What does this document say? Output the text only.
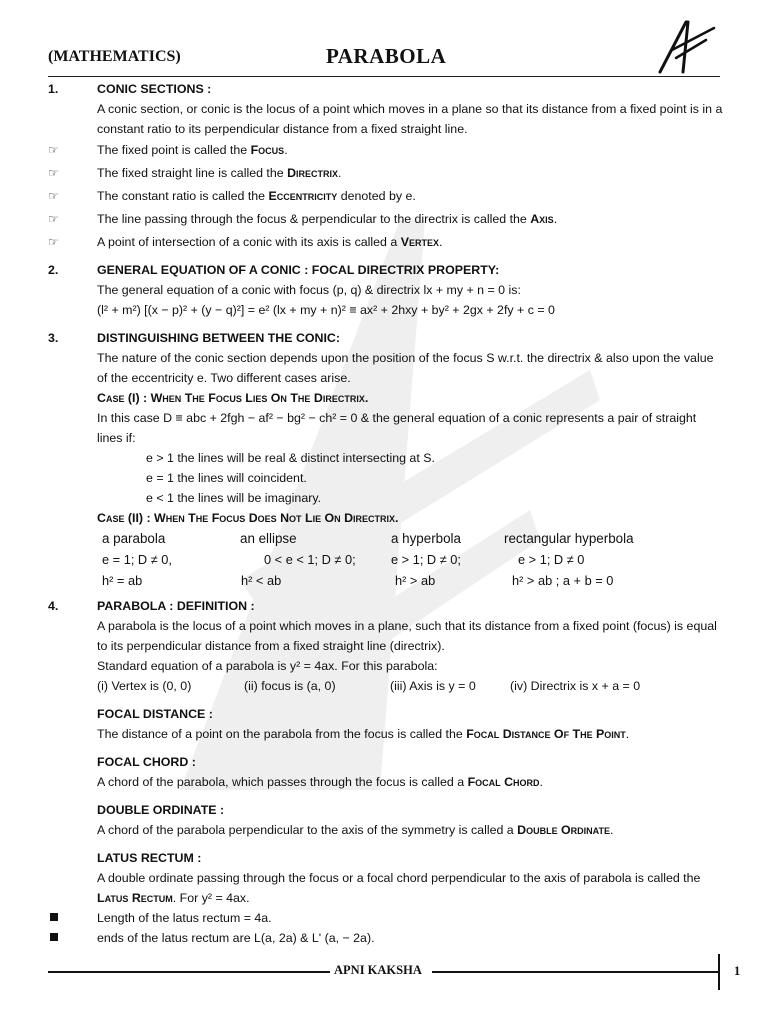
(MATHEMATICS)	PARABOLA
1.	CONIC SECTIONS :
A conic section, or conic is the locus of a point which moves in a plane so that its distance from a fixed point is in a constant ratio to its perpendicular distance from a fixed straight line.
☞	The fixed point is called the Focus.
☞	The fixed straight line is called the Directrix.
☞	The constant ratio is called the Eccentricity denoted by e.
☞	The line passing through the focus & perpendicular to the directrix is called the Axis.
☞	A point of intersection of a conic with its axis is called a Vertex.
2.	GENERAL EQUATION OF A CONIC : FOCAL DIRECTRIX PROPERTY:
The general equation of a conic with focus (p, q) & directrix lx + my + n = 0 is:
(l² + m²) [(x − p)² + (y − q)²] = e² (lx + my + n)² ≡ ax² + 2hxy + by² + 2gx + 2fy + c = 0
3.	DISTINGUISHING BETWEEN THE CONIC:
The nature of the conic section depends upon the position of the focus S w.r.t. the directrix & also upon the value of the eccentricity e. Two different cases arise.
Case (I) : When The Focus Lies On The Directrix.
In this case D ≡ abc + 2fgh − af² − bg² − ch² = 0 & the general equation of a conic represents a pair of straight lines if:
e > 1 the lines will be real & distinct intersecting at S.
e = 1 the lines will coincident.
e < 1 the lines will be imaginary.
Case (II) : When The Focus Does Not Lie On Directrix.
a parabola	an ellipse	a hyperbola	rectangular hyperbola
e = 1; D ≠ 0,	0 < e < 1; D ≠ 0;	e > 1; D ≠ 0;	e > 1; D ≠ 0
h² = ab	h² < ab	h² > ab	h² > ab ; a + b = 0
4.	PARABOLA : DEFINITION :
A parabola is the locus of a point which moves in a plane, such that its distance from a fixed point (focus) is equal to its perpendicular distance from a fixed straight line (directrix).
Standard equation of a parabola is y² = 4ax. For this parabola:
(i) Vertex is (0, 0)	(ii) focus is (a, 0)	(iii) Axis is y = 0	(iv) Directrix is x + a = 0
FOCAL DISTANCE :
The distance of a point on the parabola from the focus is called the Focal Distance Of The Point.
FOCAL CHORD :
A chord of the parabola, which passes through the focus is called a Focal Chord.
DOUBLE ORDINATE :
A chord of the parabola perpendicular to the axis of the symmetry is called a Double Ordinate.
LATUS RECTUM :
A double ordinate passing through the focus or a focal chord perpendicular to the axis of parabola is called the Latus Rectum. For y² = 4ax.
Length of the latus rectum = 4a.
ends of the latus rectum are L(a, 2a) & L' (a, − 2a).
APNI KAKSHA	1
